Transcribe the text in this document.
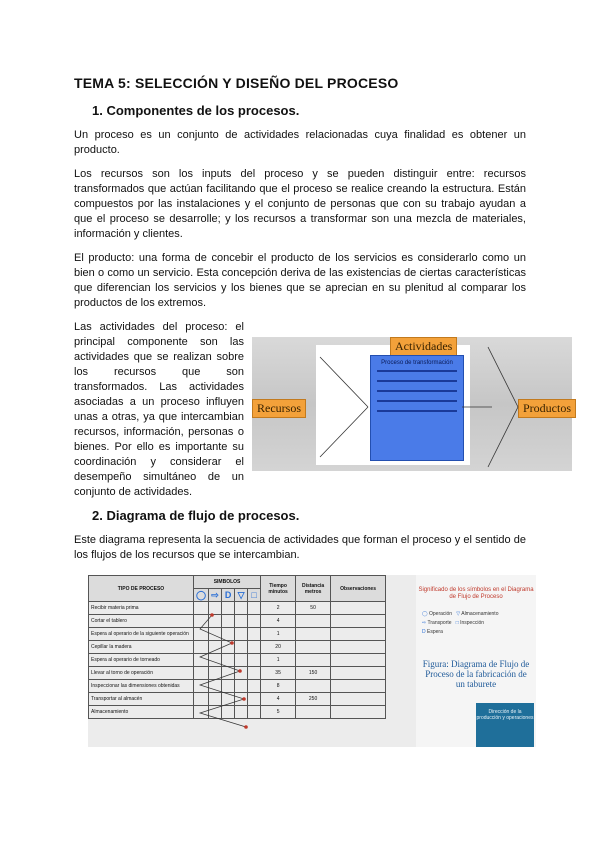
TEMA 5: SELECCIÓN Y DISEÑO DEL PROCESO
1. Componentes de los procesos.
Un proceso es un conjunto de actividades relacionadas cuya finalidad es obtener un producto.
Los recursos son los inputs del proceso y se pueden distinguir entre: recursos transformados que actúan facilitando que el proceso se realice creando la estructura. Están compuestos por las instalaciones y el conjunto de personas que con su trabajo ayudan a que el proceso se desarrolle; y los recursos a transformar son una mezcla de materiales, información y clientes.
El producto: una forma de concebir el producto de los servicios es considerarlo como un bien o como un servicio. Esta concepción deriva de las existencias de ciertas características que diferencian los servicios y los bienes que se aprecian en su plenitud al comparar los productos de los extremos.
Las actividades del proceso: el principal componente son las actividades que se realizan sobre los recursos que son transformados. Las actividades asociadas a un proceso influyen unas a otras, ya que intercambian recursos, información, personas o bienes. Por ello es importante su coordinación y considerar el desempeño simultáneo de un conjunto de actividades.
Actividades
Recursos	Productos
Proceso de transformación
2. Diagrama de flujo de procesos.
Este diagrama representa la secuencia de actividades que forman el proceso y el sentido de los flujos de los recursos que se intercambian.
TIPO DE PROCESO	SIMBOLOS					Tiempo minutos	Distancia metros	Observaciones
	◯	⇨	D	▽	□			
Recibir materia prima						2	50	
Cortar el tablero						4		
Espera al operario de la siguiente operación						1		
Cepillar la madera						20		
Espera al operario de torneado						1		
Llevar al torno de operación						35	150	
Inspeccionar las dimensiones obtenidas						8		
Transportar al almacén						4	250	
Almacenamiento						5		
Significado de los símbolos en el Diagrama de Flujo de Proceso
◯ Operación ▽ Almacenamiento
⇨ Transporte □ Inspección
D Espera
Figura: Diagrama de Flujo de Proceso de la fabricación de un taburete
Dirección de la producción y operaciones
